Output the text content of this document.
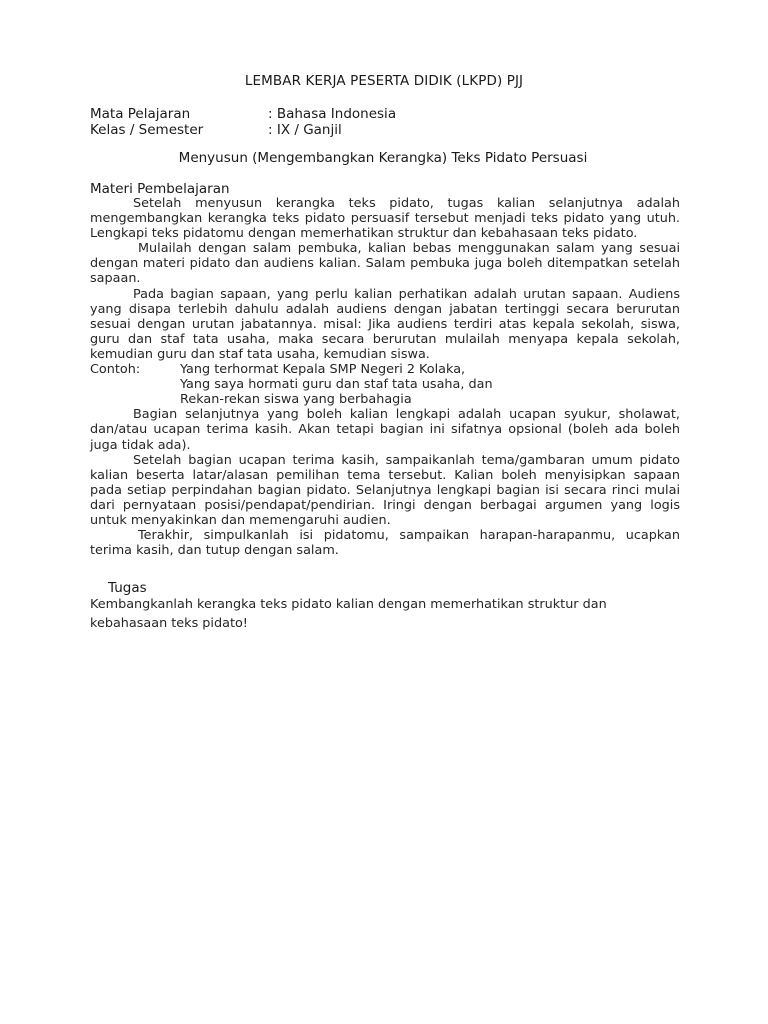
LEMBAR KERJA PESERTA DIDIK (LKPD) PJJ
Mata Pelajaran	: Bahasa Indonesia
Kelas / Semester	: IX / Ganjil
Menyusun (Mengembangkan Kerangka) Teks Pidato Persuasi
Materi Pembelajaran

Setelah menyusun kerangka teks pidato, tugas kalian selanjutnya adalah mengembangkan kerangka teks pidato persuasif tersebut menjadi teks pidato yang utuh. Lengkapi teks pidatomu dengan memerhatikan struktur dan kebahasaan teks pidato.

Mulailah dengan salam pembuka, kalian bebas menggunakan salam yang sesuai dengan materi pidato dan audiens kalian. Salam pembuka juga boleh ditempatkan setelah sapaan.

Pada bagian sapaan, yang perlu kalian perhatikan adalah urutan sapaan. Audiens yang disapa terlebih dahulu adalah audiens dengan jabatan tertinggi secara berurutan sesuai dengan urutan jabatannya. misal: Jika audiens terdiri atas kepala sekolah, siswa, guru dan staf tata usaha, maka secara berurutan mulailah menyapa kepala sekolah, kemudian guru dan staf tata usaha, kemudian siswa.

Contoh:	Yang terhormat Kepala SMP Negeri 2 Kolaka,
Yang saya hormati guru dan staf tata usaha, dan
Rekan-rekan siswa yang berbahagia

Bagian selanjutnya yang boleh kalian lengkapi adalah ucapan syukur, sholawat, dan/atau ucapan terima kasih. Akan tetapi bagian ini sifatnya opsional (boleh ada boleh juga tidak ada).

Setelah bagian ucapan terima kasih, sampaikanlah tema/gambaran umum pidato kalian beserta latar/alasan pemilihan tema tersebut. Kalian boleh menyisipkan sapaan pada setiap perpindahan bagian pidato. Selanjutnya lengkapi bagian isi secara rinci mulai dari pernyataan posisi/pendapat/pendirian. Iringi dengan berbagai argumen yang logis untuk menyakinkan dan memengaruhi audien.

Terakhir, simpulkanlah isi pidatomu, sampaikan harapan-harapanmu, ucapkan terima kasih, dan tutup dengan salam.

Tugas
Kembangkanlah kerangka teks pidato kalian dengan memerhatikan struktur dan kebahasaan teks pidato!
